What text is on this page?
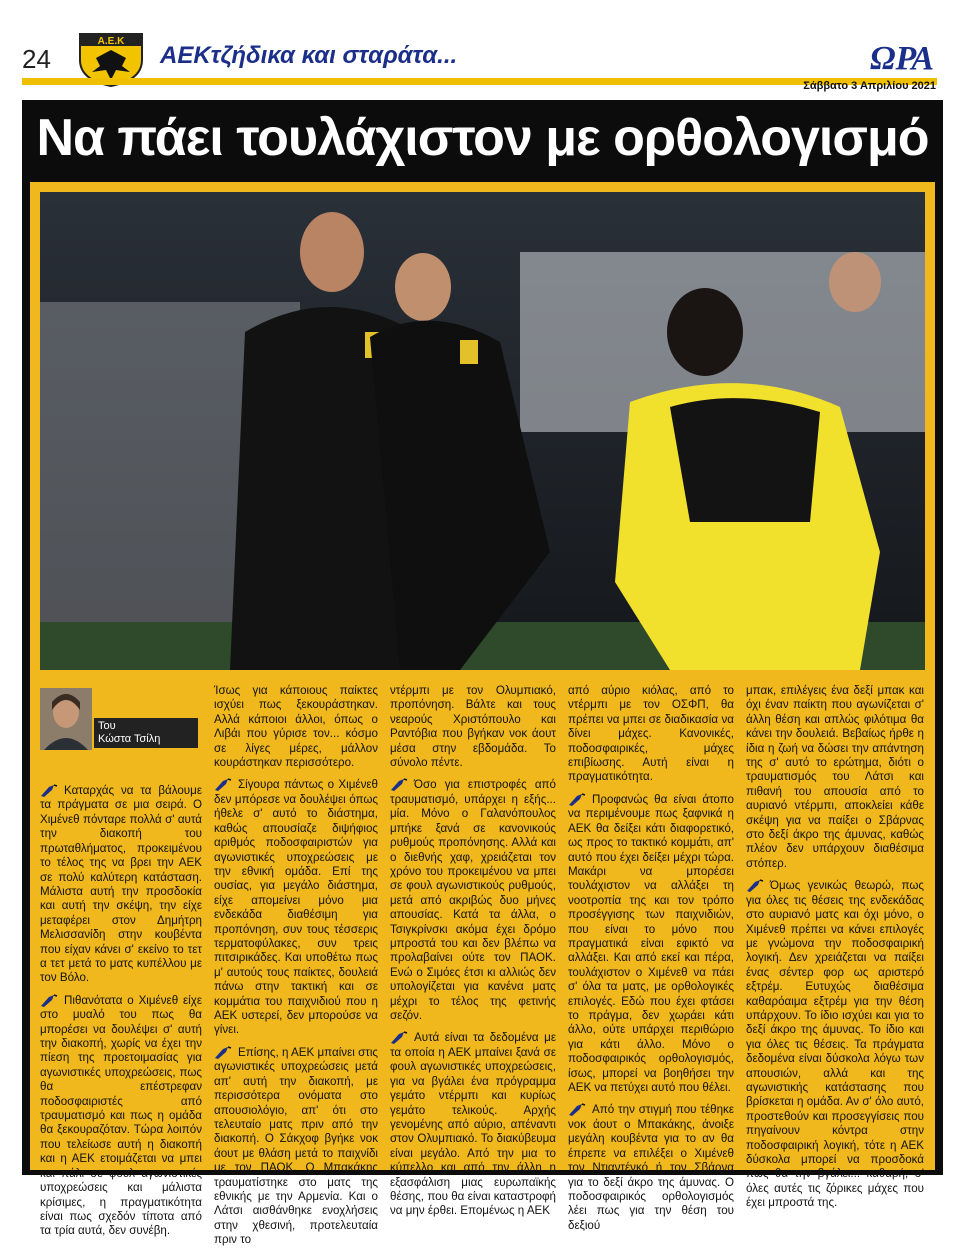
24
Α.Ε.Κ
ΑΕΚτζήδικα και σταράτα...	ΩΡΑ
Σάββατο 3 Απριλίου 2021
Να πάει τουλάχιστον με ορθολογισμό
Του
Κώστα Τσίλη

Καταρχάς να τα βάλουμε τα πράγματα σε μια σειρά. Ο Χιμένεθ πόνταρε πολλά σ' αυτά την διακοπή του πρωταθλήματος, προκειμένου το τέλος της να βρει την ΑΕΚ σε πολύ καλύτερη κατάσταση. Μάλιστα αυτή την προσδοκία και αυτή την σκέψη, την είχε μεταφέρει στον Δημήτρη Μελισσανίδη στην κουβέντα που είχαν κάνει σ' εκείνο το τετ α τετ μετά το ματς κυπέλλου με τον Βόλο.

Πιθανότατα ο Χιμένεθ είχε στο μυαλό του πως θα μπορέσει να δουλέψει σ' αυτή την διακοπή, χωρίς να έχει την πίεση της προετοιμασίας για αγωνιστικές υποχρεώσεις, πως θα επέστρεφαν ποδοσφαιριστές από τραυματισμό και πως η ομάδα θα ξεκουραζόταν. Τώρα λοιπόν που τελείωσε αυτή η διακοπή και η ΑΕΚ ετοιμάζεται να μπει και πάλι σε φουλ αγωνιστικές υποχρεώσεις και μάλιστα κρίσιμες, η πραγματικότητα είναι πως σχεδόν τίποτα από τα τρία αυτά, δεν συνέβη.

Ίσως για κάποιους παίκτες ισχύει πως ξεκουράστηκαν. Αλλά κάποιοι άλλοι, όπως ο Λιβάι που γύρισε τον... κόσμο σε λίγες μέρες, μάλλον κουράστηκαν περισσότερο.

Σίγουρα πάντως ο Χιμένεθ δεν μπόρεσε να δουλέψει όπως ήθελε σ' αυτό το διάστημα, καθώς απουσίαζε διψήφιος αριθμός ποδοσφαιριστών για αγωνιστικές υποχρεώσεις με την εθνική ομάδα. Επί της ουσίας, για μεγάλο διάστημα, είχε απομείνει μόνο μια ενδεκάδα διαθέσιμη για προπόνηση, συν τους τέσσερις τερματοφύλακες, συν τρεις πιτσιρικάδες. Και υποθέτω πως μ' αυτούς τους παίκτες, δουλειά πάνω στην τακτική και σε κομμάτια του παιχνιδιού που η ΑΕΚ υστερεί, δεν μπορούσε να γίνει.

Επίσης, η ΑΕΚ μπαίνει στις αγωνιστικές υποχρεώσεις μετά απ' αυτή την διακοπή, με περισσότερα ονόματα στο απουσιολόγιο, απ' ότι στο τελευταίο ματς πριν από την διακοπή. Ο Σάκχοφ βγήκε νοκ άουτ με θλάση μετά το παιχνίδι με τον ΠΑΟΚ. Ο Μπακάκης τραυματίστηκε στο ματς της εθνικής με την Αρμενία. Και ο Λάτσι αισθάνθηκε ενοχλήσεις στην χθεσινή, προτελευταία πριν το

ντέρμπι με τον Ολυμπιακό, προπόνηση. Βάλτε και τους νεαρούς Χριστόπουλο και Ραντόβια που βγήκαν νοκ άουτ μέσα στην εβδομάδα. Το σύνολο πέντε.

Όσο για επιστροφές από τραυματισμό, υπάρχει η εξής... μία. Μόνο ο Γαλανόπουλος μπήκε ξανά σε κανονικούς ρυθμούς προπόνησης. Αλλά και ο διεθνής χαφ, χρειάζεται τον χρόνο του προκειμένου να μπει σε φουλ αγωνιστικούς ρυθμούς, μετά από ακριβώς δυο μήνες απουσίας. Κατά τα άλλα, ο Τσιγκρίνσκι ακόμα έχει δρόμο μπροστά του και δεν βλέπω να προλαβαίνει ούτε τον ΠΑΟΚ. Ενώ ο Σιμόες έτσι κι αλλιώς δεν υπολογίζεται για κανένα ματς μέχρι το τέλος της φετινής σεζόν.

Αυτά είναι τα δεδομένα με τα οποία η ΑΕΚ μπαίνει ξανά σε φουλ αγωνιστικές υποχρεώσεις, για να βγάλει ένα πρόγραμμα γεμάτο ντέρμπι και κυρίως γεμάτο τελικούς. Αρχής γενομένης από αύριο, απέναντι στον Ολυμπιακό. Το διακύβευμα είναι μεγάλο. Από την μια το κύπελλο και από την άλλη η εξασφάλιση μιας ευρωπαϊκής θέσης, που θα είναι καταστροφή να μην έρθει. Επομένως η ΑΕΚ

από αύριο κιόλας, από το ντέρμπι με τον ΟΣΦΠ, θα πρέπει να μπει σε διαδικασία να δίνει μάχες. Κανονικές, ποδοσφαιρικές, μάχες επιβίωσης. Αυτή είναι η πραγματικότητα.

Προφανώς θα είναι άτοπο να περιμένουμε πως ξαφνικά η ΑΕΚ θα δείξει κάτι διαφορετικό, ως προς το τακτικό κομμάτι, απ' αυτό που έχει δείξει μέχρι τώρα. Μακάρι να μπορέσει τουλάχιστον να αλλάξει τη νοοτροπία της και τον τρόπο προσέγγισης των παιχνιδιών, που είναι το μόνο που πραγματικά είναι εφικτό να αλλάξει. Και από εκεί και πέρα, τουλάχιστον ο Χιμένεθ να πάει σ' όλα τα ματς, με ορθολογικές επιλογές. Εδώ που έχει φτάσει το πράγμα, δεν χωράει κάτι άλλο, ούτε υπάρχει περιθώριο για κάτι άλλο. Μόνο ο ποδοσφαιρικός ορθολογισμός, ίσως, μπορεί να βοηθήσει την ΑΕΚ να πετύχει αυτό που θέλει.

Από την στιγμή που τέθηκε νοκ άουτ ο Μπακάκης, άνοιξε μεγάλη κουβέντα για το αν θα έπρεπε να επιλέξει ο Χιμένεθ τον Ντιαντένκό ή τον Σβάρνα για το δεξί άκρο της άμυνας. Ο ποδοσφαιρικός ορθολογισμός λέει πως για την θέση του δεξιού

μπακ, επιλέγεις ένα δεξί μπακ και όχι έναν παίκτη που αγωνίζεται σ' άλλη θέση και απλώς φιλότιμα θα κάνει την δουλειά. Βεβαίως ήρθε η ίδια η ζωή να δώσει την απάντηση της σ' αυτό το ερώτημα, διότι ο τραυματισμός του Λάτσι και πιθανή του απουσία από το αυριανό ντέρμπι, αποκλείει κάθε σκέψη για να παίξει ο Σβάρνας στο δεξί άκρο της άμυνας, καθώς πλέον δεν υπάρχουν διαθέσιμα στόπερ.

Όμως γενικώς θεωρώ, πως για όλες τις θέσεις της ενδεκάδας στο αυριανό ματς και όχι μόνο, ο Χιμένεθ πρέπει να κάνει επιλογές με γνώμονα την ποδοσφαιρική λογική. Δεν χρειάζεται να παίξει ένας σέντερ φορ ως αριστερό εξτρέμ. Ευτυχώς διαθέσιμα καθαρόαιμα εξτρέμ για την θέση υπάρχουν. Το ίδιο ισχύει και για το δεξί άκρο της άμυνας. Το ίδιο και για όλες τις θέσεις. Τα πράγματα δεδομένα είναι δύσκολα λόγω των απουσιών, αλλά και της αγωνιστικής κατάστασης που βρίσκεται η ομάδα. Αν σ' όλο αυτό, προστεθούν και προσεγγίσεις που πηγαίνουν κόντρα στην ποδοσφαιρική λογική, τότε η ΑΕΚ δύσκολα μπορεί να προσδοκά πως θα την βγάλει... καθαρή, σ' όλες αυτές τις ζόρικες μάχες που έχει μπροστά της.
